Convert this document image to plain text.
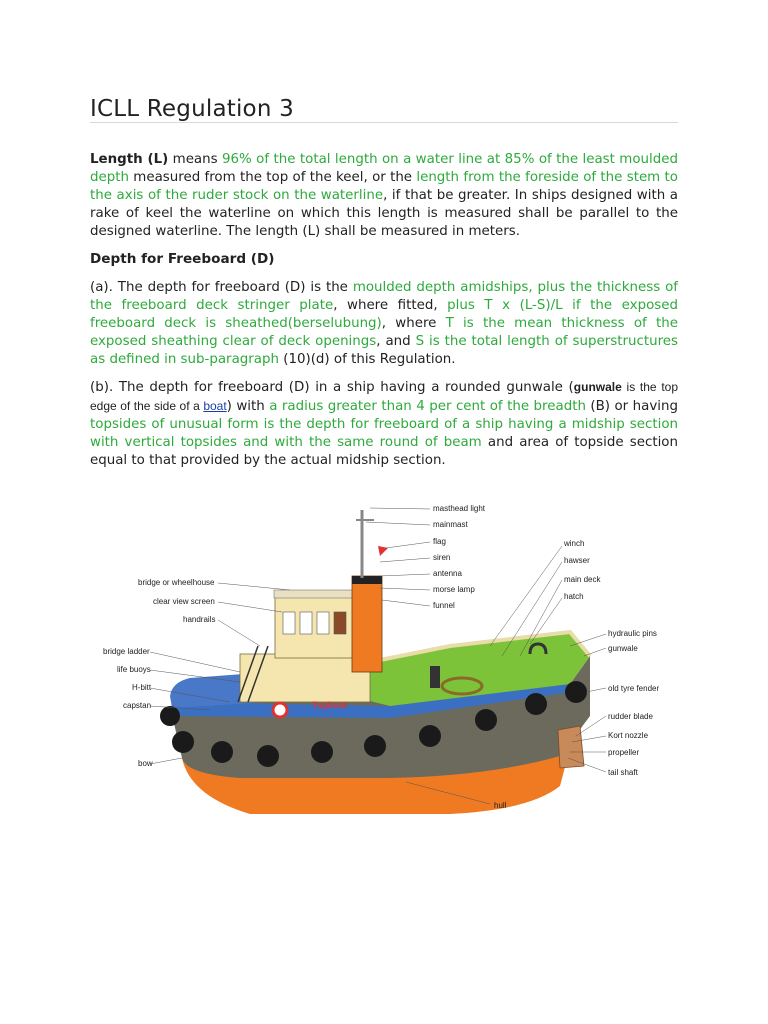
ICLL Regulation 3

Length (L) means 96% of the total length on a water line at 85% of the least moulded depth measured from the top of the keel, or the length from the foreside of the stem to the axis of the ruder stock on the waterline, if that be greater. In ships designed with a rake of keel the waterline on which this length is measured shall be parallel to the designed waterline. The length (L) shall be measured in meters.

Depth for Freeboard (D)

(a). The depth for freeboard (D) is the moulded depth amidships, plus the thickness of the freeboard deck stringer plate, where fitted, plus T x (L-S)/L if the exposed freeboard deck is sheathed(berselubung), where T is the mean thickness of the exposed sheathing clear of deck openings, and S is the total length of superstructures as defined in sub-paragraph (10)(d) of this Regulation.

(b). The depth for freeboard (D) in a ship having a rounded gunwale (gunwale is the top edge of the side of a boat) with a radius greater than 4 per cent of the breadth (B) or having topsides of unusual form is the depth for freeboard of a ship having a midship section with vertical topsides and with the same round of beam and area of topside section equal to that provided by the actual midship section.

Tugboat
masthead light
mainmast
flag
siren
antenna
morse lamp
funnel
bridge or wheelhouse
clear view screen
handrails
bridge ladder
life buoys
H-bitt
capstan
bow
hull
winch
hawser
main deck
hatch
hydraulic pins
gunwale
old tyre fender
rudder blade
Kort nozzle
propeller
tail shaft
